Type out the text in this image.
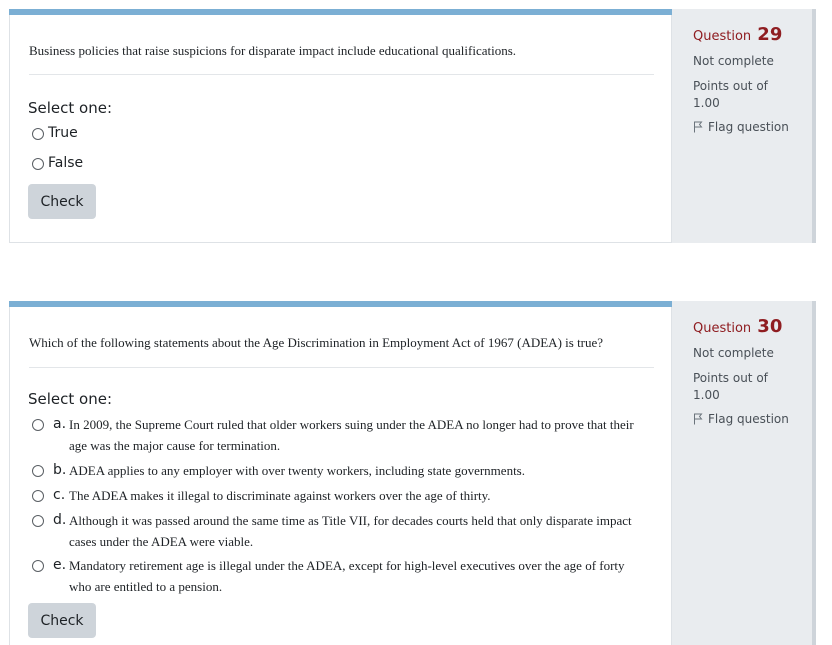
Business policies that raise suspicions for disparate impact include educational qualifications.
Select one:
True
False
Check
Question 29
Not complete
Points out of 1.00
Flag question
Which of the following statements about the Age Discrimination in Employment Act of 1967 (ADEA) is true?
Select one:
a. In 2009, the Supreme Court ruled that older workers suing under the ADEA no longer had to prove that their age was the major cause for termination.
b. ADEA applies to any employer with over twenty workers, including state governments.
c. The ADEA makes it illegal to discriminate against workers over the age of thirty.
d. Although it was passed around the same time as Title VII, for decades courts held that only disparate impact cases under the ADEA were viable.
e. Mandatory retirement age is illegal under the ADEA, except for high-level executives over the age of forty who are entitled to a pension.
Check
Question 30
Not complete
Points out of 1.00
Flag question
